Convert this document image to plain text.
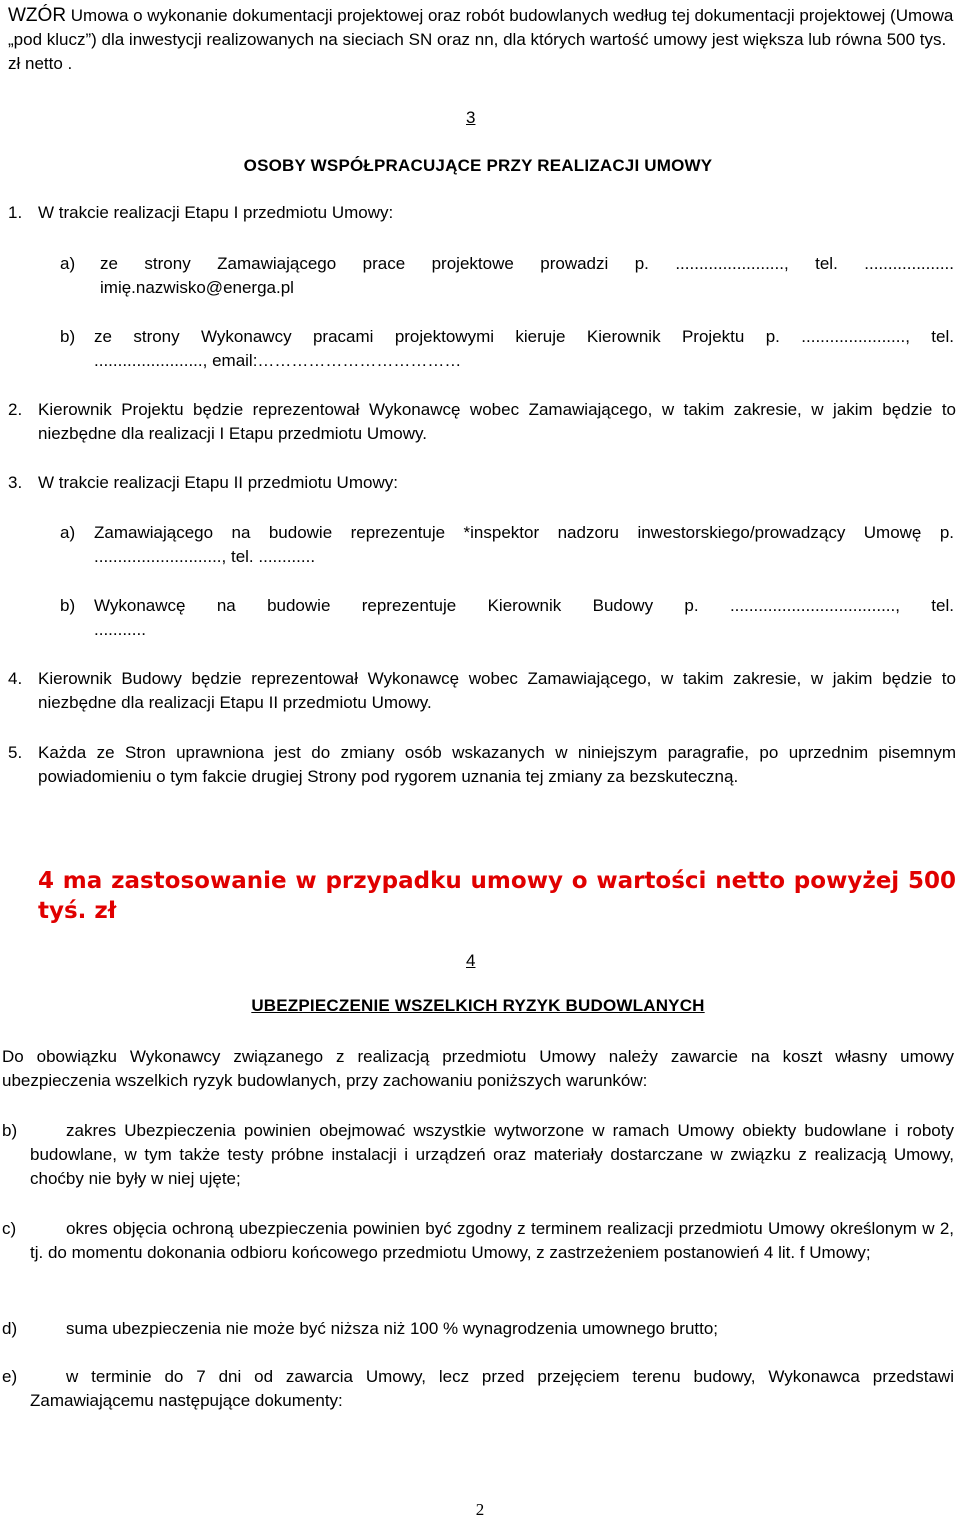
WZÓR Umowa o wykonanie dokumentacji projektowej oraz robót budowlanych według tej dokumentacji projektowej (Umowa „pod klucz”) dla inwestycji realizowanych na sieciach SN oraz nn, dla których wartość umowy jest większa lub równa 500 tys. zł netto .
3
OSOBY WSPÓŁPRACUJĄCE PRZY REALIZACJI UMOWY
1. W trakcie realizacji Etapu I przedmiotu Umowy:
a) ze strony Zamawiającego prace projektowe prowadzi p. ......................., tel. ...................
imię.nazwisko@energa.pl
b) ze strony Wykonawcy pracami projektowymi kieruje Kierownik Projektu p. ......................, tel.
......................., email:………………………………
2. Kierownik Projektu będzie reprezentował Wykonawcę wobec Zamawiającego, w takim zakresie, w jakim będzie to niezbędne dla realizacji I Etapu przedmiotu Umowy.
3. W trakcie realizacji Etapu II przedmiotu Umowy:
a) Zamawiającego na budowie reprezentuje *inspektor nadzoru inwestorskiego/prowadzący Umowę p.
..........................., tel. ............
b) Wykonawcę na budowie reprezentuje Kierownik Budowy p. ..................................., tel.
...........
4. Kierownik Budowy będzie reprezentował Wykonawcę wobec Zamawiającego, w takim zakresie, w jakim będzie to niezbędne dla realizacji Etapu II przedmiotu Umowy.
5. Każda ze Stron uprawniona jest do zmiany osób wskazanych w niniejszym paragrafie, po uprzednim pisemnym powiadomieniu o tym fakcie drugiej Strony pod rygorem uznania tej zmiany za bezskuteczną.
4 ma zastosowanie w przypadku umowy o wartości netto powyżej 500 tyś. zł
4
UBEZPIECZENIE WSZELKICH RYZYK BUDOWLANYCH
Do obowiązku Wykonawcy związanego z realizacją przedmiotu Umowy należy zawarcie na koszt własny umowy ubezpieczenia wszelkich ryzyk budowlanych, przy zachowaniu poniższych warunków:
b)	zakres Ubezpieczenia powinien obejmować wszystkie wytworzone w ramach Umowy obiekty budowlane i roboty budowlane, w tym także testy próbne instalacji i urządzeń oraz materiały dostarczane w związku z realizacją Umowy, choćby nie były w niej ujęte;
c)	okres objęcia ochroną ubezpieczenia powinien być zgodny z terminem realizacji przedmiotu Umowy określonym w 2, tj. do momentu dokonania odbioru końcowego przedmiotu Umowy, z zastrzeżeniem postanowień 4 lit. f Umowy;
d)	suma ubezpieczenia nie może być niższa niż 100 % wynagrodzenia umownego brutto;
e)	w terminie do 7 dni od zawarcia Umowy, lecz przed przejęciem terenu budowy, Wykonawca przedstawi Zamawiającemu następujące dokumenty:
2
